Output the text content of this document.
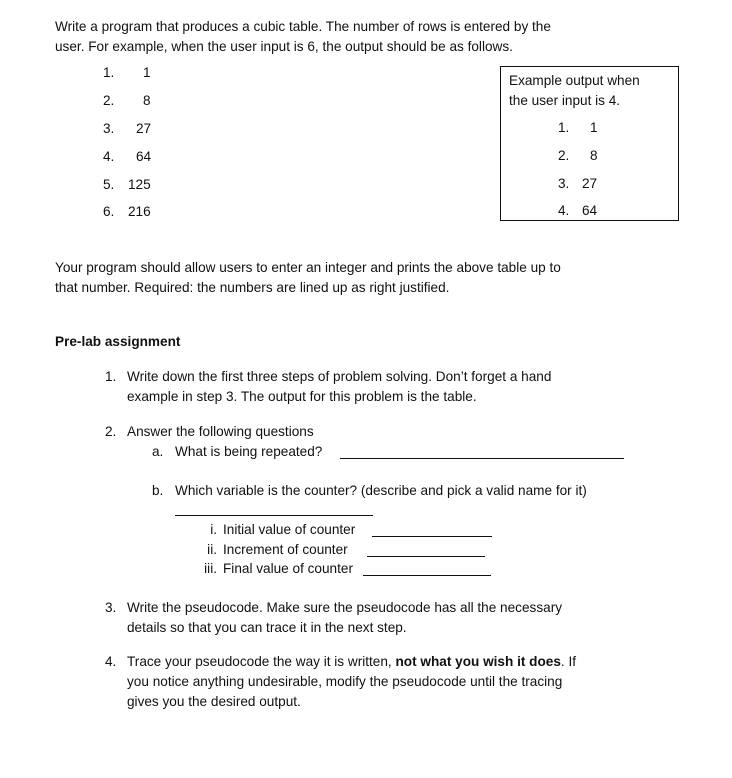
Write a program that produces a cubic table. The number of rows is entered by the
user. For example, when the user input is 6, the output should be as follows.
1. 1
2. 8
3. 27
4. 64
5. 125
6. 216
Example output when
the user input is 4.
1. 1
2. 8
3. 27
4. 64
Your program should allow users to enter an integer and prints the above table up to
that number. Required: the numbers are lined up as right justified.
Pre-lab assignment
1. Write down the first three steps of problem solving. Don’t forget a hand
example in step 3. The output for this problem is the table.
2. Answer the following questions
a. What is being repeated?
b. Which variable is the counter? (describe and pick a valid name for it)
i. Initial value of counter
ii. Increment of counter
iii. Final value of counter
3. Write the pseudocode. Make sure the pseudocode has all the necessary
details so that you can trace it in the next step.
4. Trace your pseudocode the way it is written, not what you wish it does. If
you notice anything undesirable, modify the pseudocode until the tracing
gives you the desired output.
